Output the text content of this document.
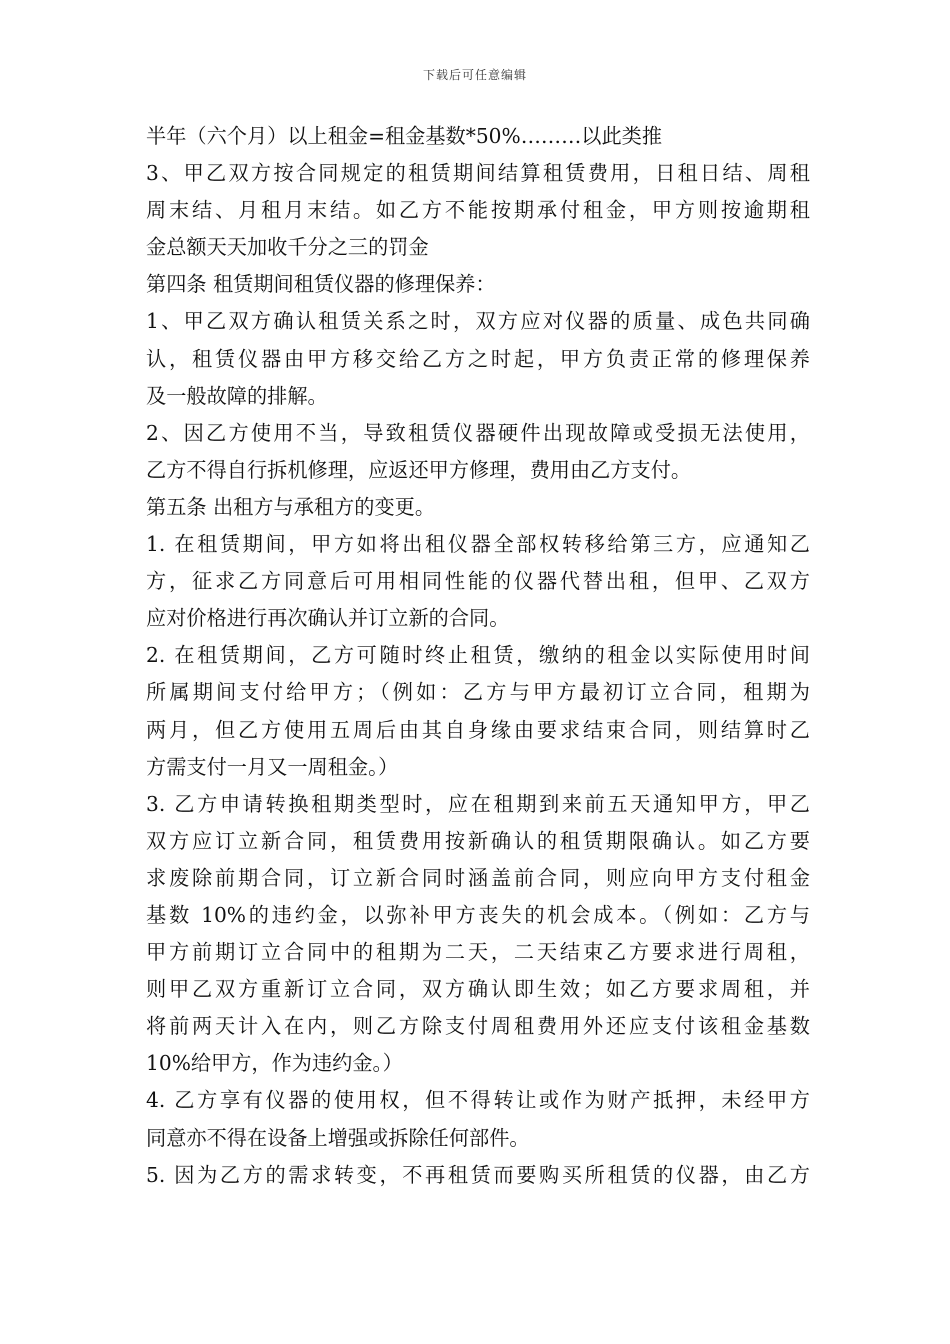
下载后可任意编辑
半年（六个月）以上租金=租金基数*50%………以此类推
3、甲乙双方按合同规定的租赁期间结算租赁费用，日租日结、周租
周末结、月租月末结。如乙方不能按期承付租金，甲方则按逾期租
金总额天天加收千分之三的罚金
第四条 租赁期间租赁仪器的修理保养：
1、甲乙双方确认租赁关系之时，双方应对仪器的质量、成色共同确
认，租赁仪器由甲方移交给乙方之时起，甲方负责正常的修理保养
及一般故障的排解。
2、因乙方使用不当，导致租赁仪器硬件出现故障或受损无法使用，
乙方不得自行拆机修理，应返还甲方修理，费用由乙方支付。
第五条 出租方与承租方的变更。
1. 在租赁期间，甲方如将出租仪器全部权转移给第三方，应通知乙
方，征求乙方同意后可用相同性能的仪器代替出租，但甲、乙双方
应对价格进行再次确认并订立新的合同。
2. 在租赁期间，乙方可随时终止租赁，缴纳的租金以实际使用时间
所属期间支付给甲方；（例如：乙方与甲方最初订立合同，租期为
两月，但乙方使用五周后由其自身缘由要求结束合同，则结算时乙
方需支付一月又一周租金。）
3. 乙方申请转换租期类型时，应在租期到来前五天通知甲方，甲乙
双方应订立新合同，租赁费用按新确认的租赁期限确认。如乙方要
求废除前期合同，订立新合同时涵盖前合同，则应向甲方支付租金
基数 10%的违约金，以弥补甲方丧失的机会成本。（例如：乙方与
甲方前期订立合同中的租期为二天，二天结束乙方要求进行周租，
则甲乙双方重新订立合同，双方确认即生效；如乙方要求周租，并
将前两天计入在内，则乙方除支付周租费用外还应支付该租金基数
10%给甲方，作为违约金。）
4. 乙方享有仪器的使用权，但不得转让或作为财产抵押，未经甲方
同意亦不得在设备上增强或拆除任何部件。
5. 因为乙方的需求转变，不再租赁而要购买所租赁的仪器，由乙方
